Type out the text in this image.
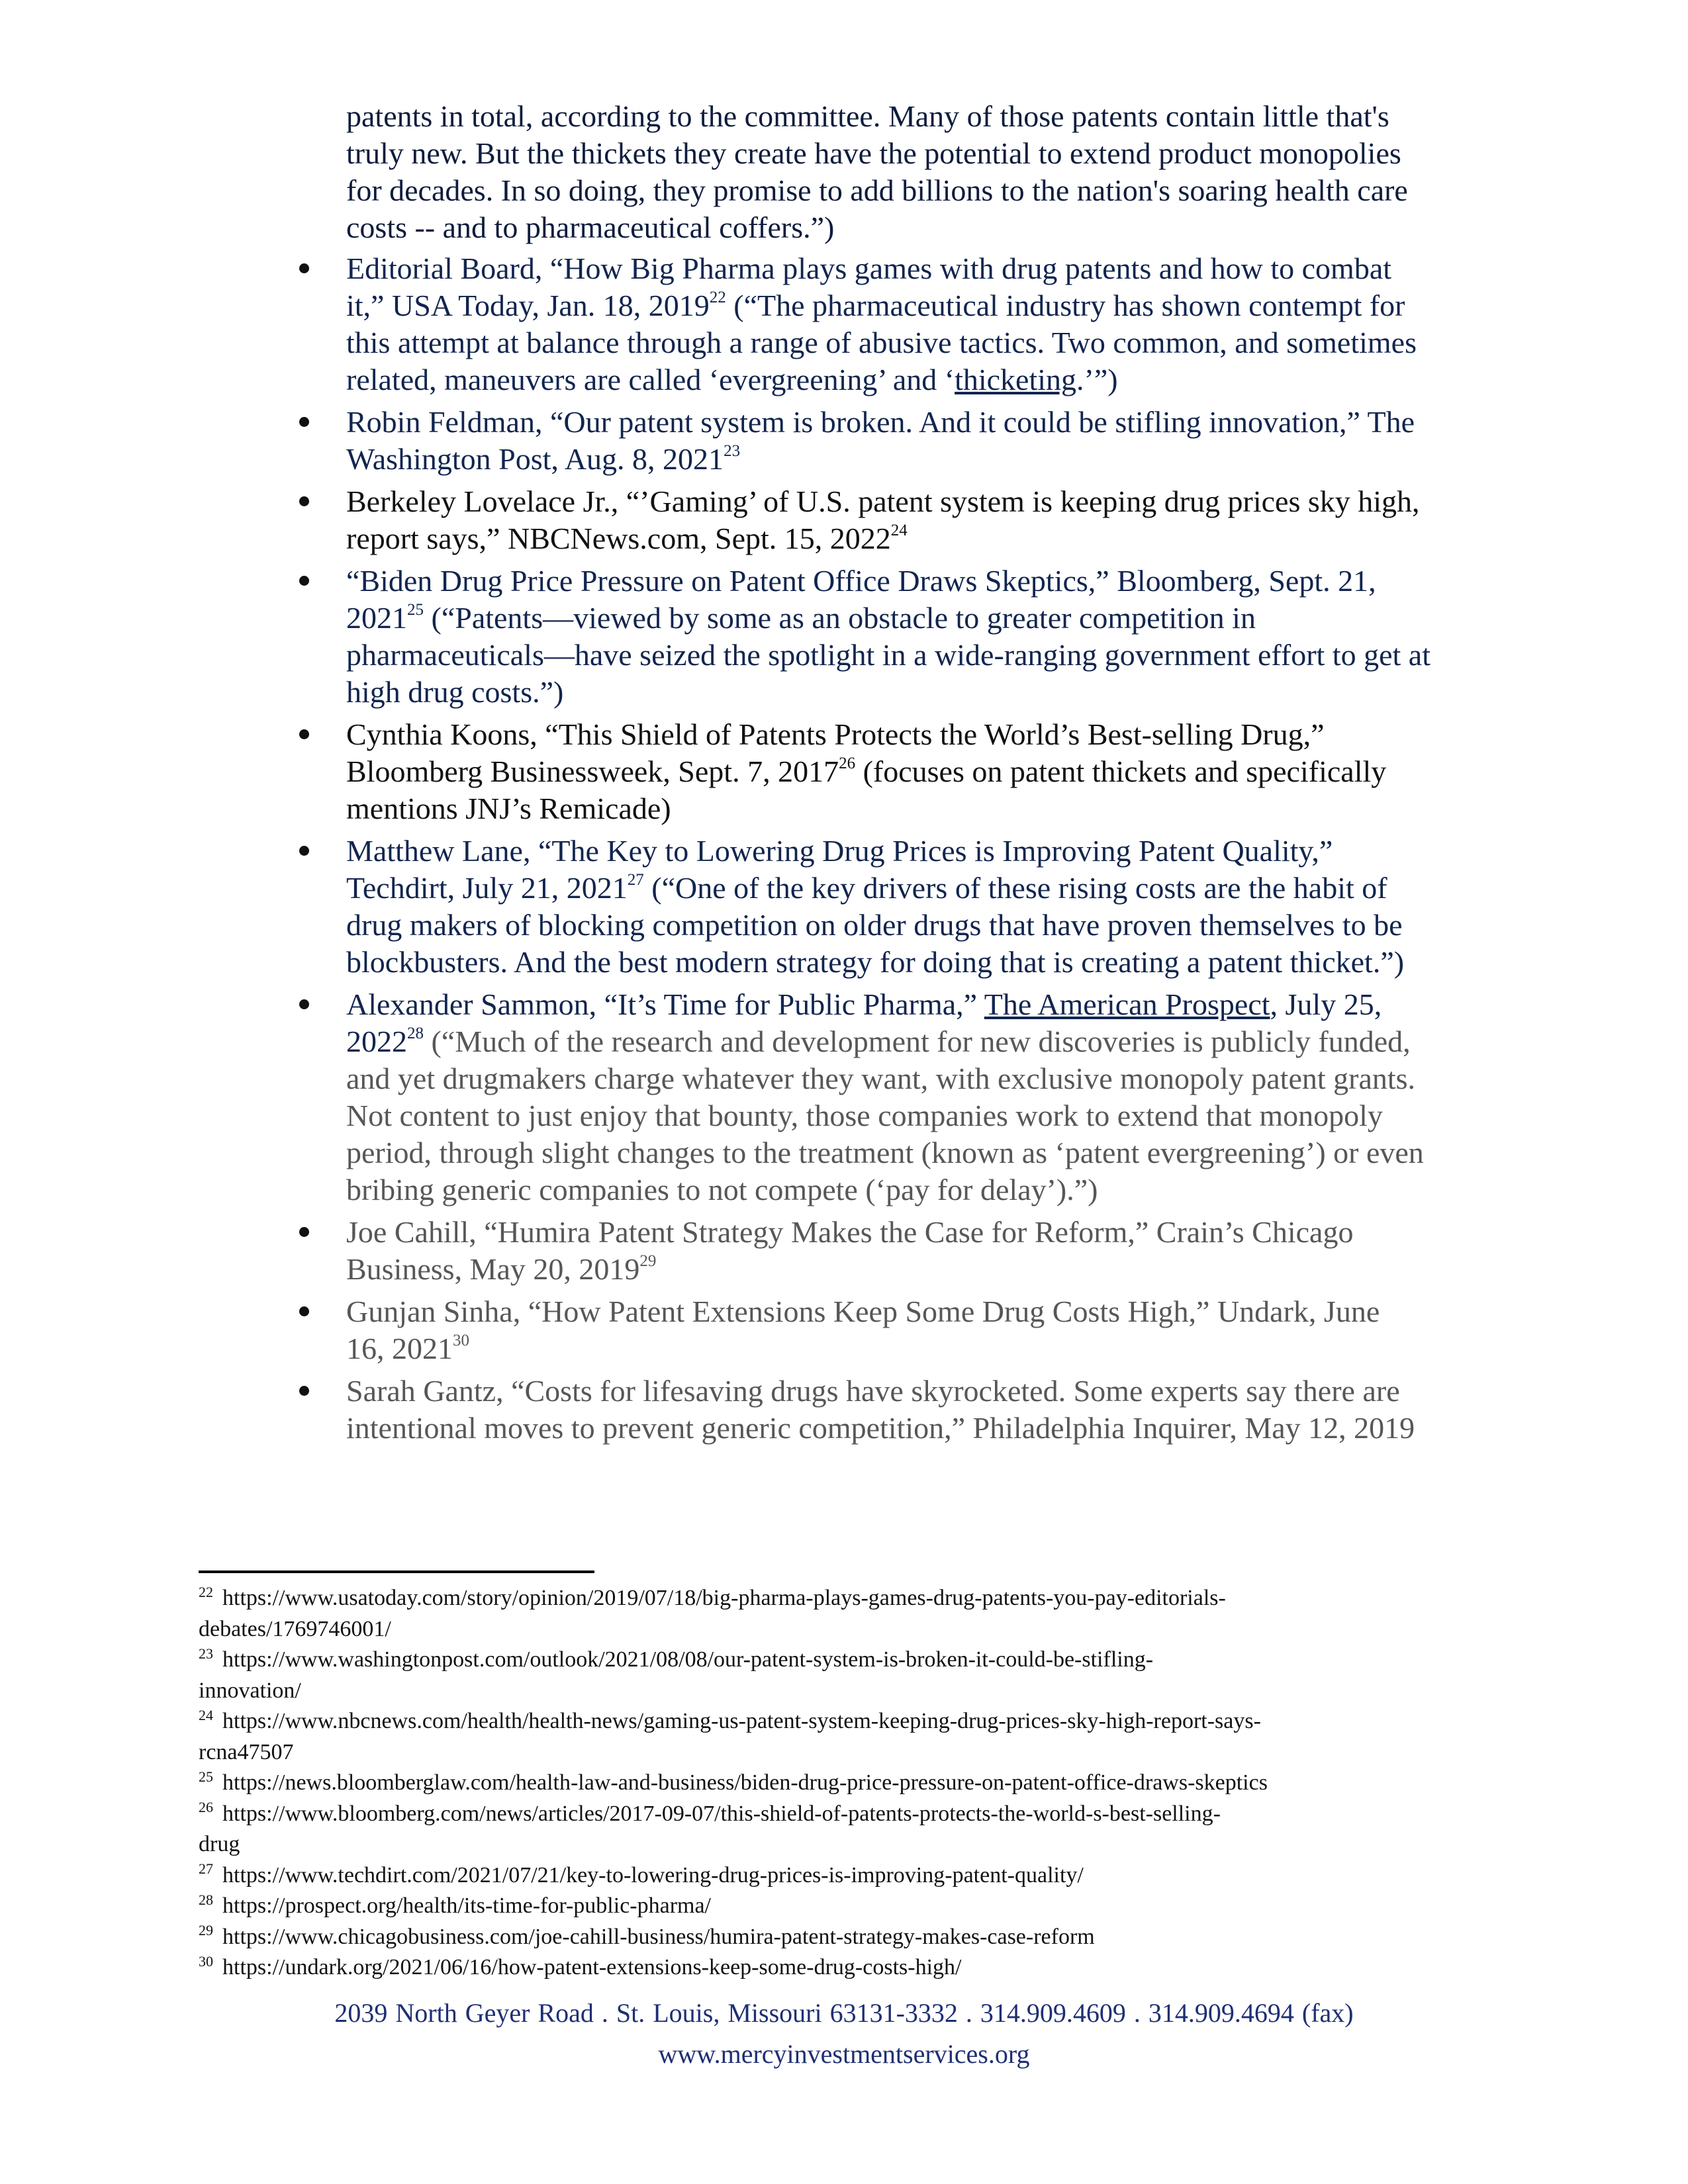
patents in total, according to the committee. Many of those patents contain little that's
truly new. But the thickets they create have the potential to extend product monopolies
for decades. In so doing, they promise to add billions to the nation's soaring health care
costs -- and to pharmaceutical coffers.”)
Editorial Board, “How Big Pharma plays games with drug patents and how to combat
it,” USA Today, Jan. 18, 2019$^{22}$ (“The pharmaceutical industry has shown contempt for
this attempt at balance through a range of abusive tactics. Two common, and sometimes
related, maneuvers are called ‘evergreening’ and ‘thicketing.’”)
Robin Feldman, “Our patent system is broken. And it could be stifling innovation,” The
Washington Post, Aug. 8, 2021$^{23}$
Berkeley Lovelace Jr., “’Gaming’ of U.S. patent system is keeping drug prices sky high,
report says,” NBCNews.com, Sept. 15, 2022$^{24}$
“Biden Drug Price Pressure on Patent Office Draws Skeptics,” Bloomberg, Sept. 21,
2021$^{25}$ (“Patents—viewed by some as an obstacle to greater competition in
pharmaceuticals—have seized the spotlight in a wide-ranging government effort to get at
high drug costs.”)
Cynthia Koons, “This Shield of Patents Protects the World’s Best-selling Drug,”
Bloomberg Businessweek, Sept. 7, 2017$^{26}$ (focuses on patent thickets and specifically
mentions JNJ’s Remicade)
Matthew Lane, “The Key to Lowering Drug Prices is Improving Patent Quality,”
Techdirt, July 21, 2021$^{27}$ (“One of the key drivers of these rising costs are the habit of
drug makers of blocking competition on older drugs that have proven themselves to be
blockbusters. And the best modern strategy for doing that is creating a patent thicket.”)
Alexander Sammon, “It’s Time for Public Pharma,” The American Prospect, July 25,
2022$^{28}$ (“Much of the research and development for new discoveries is publicly funded,
and yet drugmakers charge whatever they want, with exclusive monopoly patent grants.
Not content to just enjoy that bounty, those companies work to extend that monopoly
period, through slight changes to the treatment (known as ‘patent evergreening’) or even
bribing generic companies to not compete (‘pay for delay’).”)
Joe Cahill, “Humira Patent Strategy Makes the Case for Reform,” Crain’s Chicago
Business, May 20, 2019$^{29}$
Gunjan Sinha, “How Patent Extensions Keep Some Drug Costs High,” Undark, June
16, 2021$^{30}$
Sarah Gantz, “Costs for lifesaving drugs have skyrocketed. Some experts say there are
intentional moves to prevent generic competition,” Philadelphia Inquirer, May 12, 2019
$^{22}$ https://www.usatoday.com/story/opinion/2019/07/18/big-pharma-plays-games-drug-patents-you-pay-editorials-
debates/1769746001/
$^{23}$ https://www.washingtonpost.com/outlook/2021/08/08/our-patent-system-is-broken-it-could-be-stifling-
innovation/
$^{24}$ https://www.nbcnews.com/health/health-news/gaming-us-patent-system-keeping-drug-prices-sky-high-report-says-
rcna47507
$^{25}$ https://news.bloomberglaw.com/health-law-and-business/biden-drug-price-pressure-on-patent-office-draws-skeptics
$^{26}$ https://www.bloomberg.com/news/articles/2017-09-07/this-shield-of-patents-protects-the-world-s-best-selling-
drug
$^{27}$ https://www.techdirt.com/2021/07/21/key-to-lowering-drug-prices-is-improving-patent-quality/
$^{28}$ https://prospect.org/health/its-time-for-public-pharma/
$^{29}$ https://www.chicagobusiness.com/joe-cahill-business/humira-patent-strategy-makes-case-reform
$^{30}$ https://undark.org/2021/06/16/how-patent-extensions-keep-some-drug-costs-high/
2039 North Geyer Road . St. Louis, Missouri 63131-3332 . 314.909.4609 . 314.909.4694 (fax)
www.mercyinvestmentservices.org
